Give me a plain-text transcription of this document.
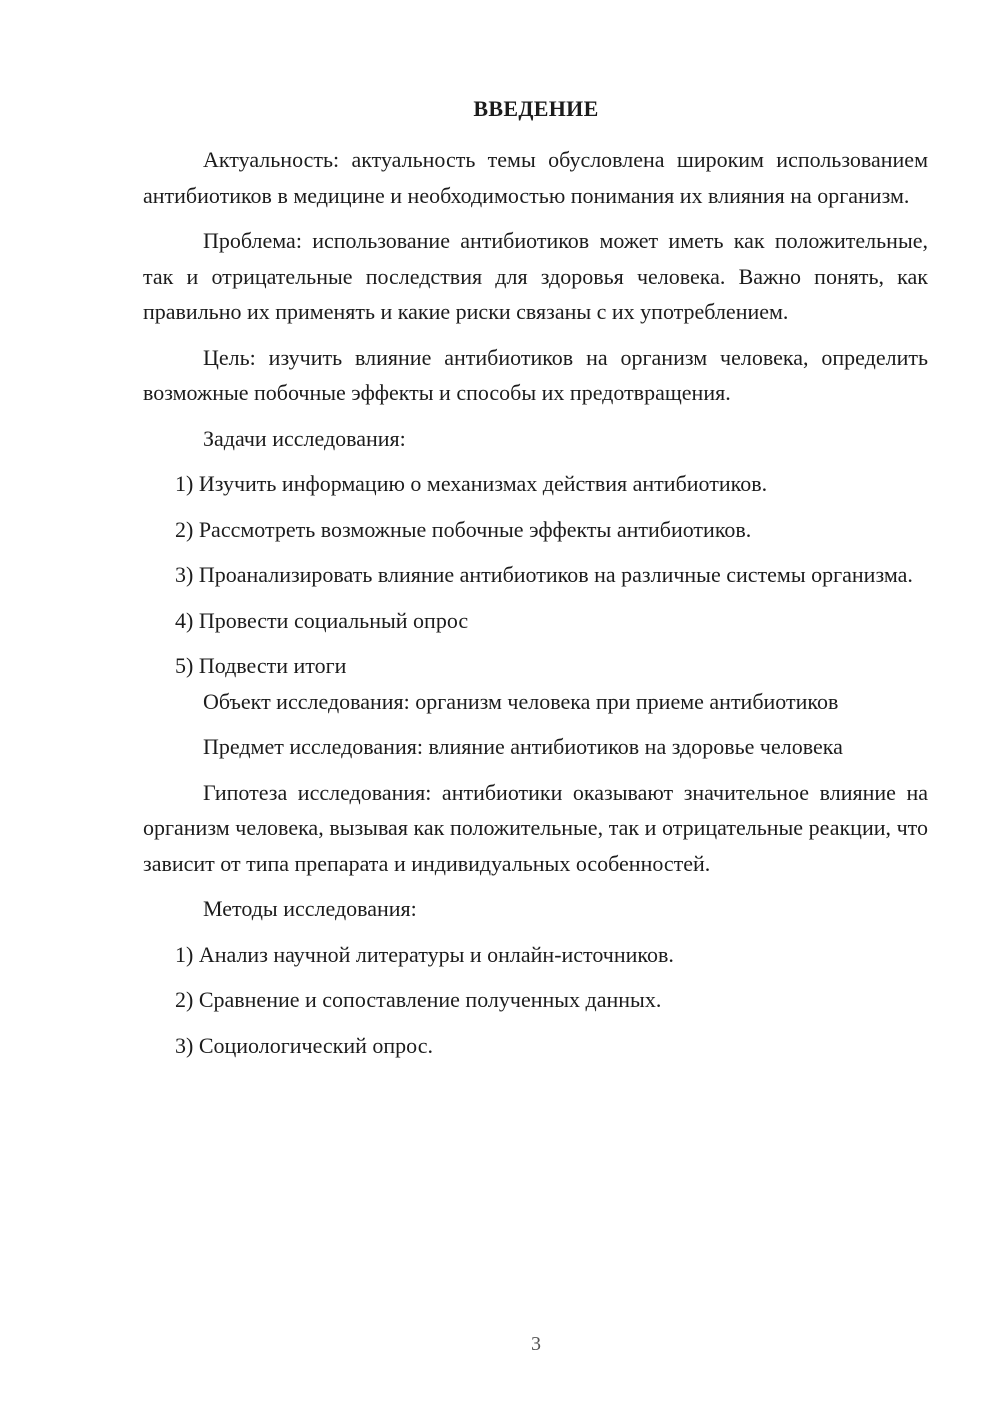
ВВЕДЕНИЕ

Актуальность: актуальность темы обусловлена широким использованием антибиотиков в медицине и необходимостью понимания их влияния на организм.

Проблема: использование антибиотиков может иметь как положительные, так и отрицательные последствия для здоровья человека. Важно понять, как правильно их применять и какие риски связаны с их употреблением.

Цель: изучить влияние антибиотиков на организм человека, определить возможные побочные эффекты и способы их предотвращения.

Задачи исследования:

1) Изучить информацию о механизмах действия антибиотиков.

2) Рассмотреть возможные побочные эффекты антибиотиков.

3) Проанализировать влияние антибиотиков на различные системы организма.

4) Провести социальный опрос

5) Подвести итоги

Объект исследования: организм человека при приеме антибиотиков

Предмет исследования: влияние антибиотиков на здоровье человека

Гипотеза исследования: антибиотики оказывают значительное влияние на организм человека, вызывая как положительные, так и отрицательные реакции, что зависит от типа препарата и индивидуальных особенностей.

Методы исследования:

1) Анализ научной литературы и онлайн-источников.

2) Сравнение и сопоставление полученных данных.

3) Социологический опрос.

3
